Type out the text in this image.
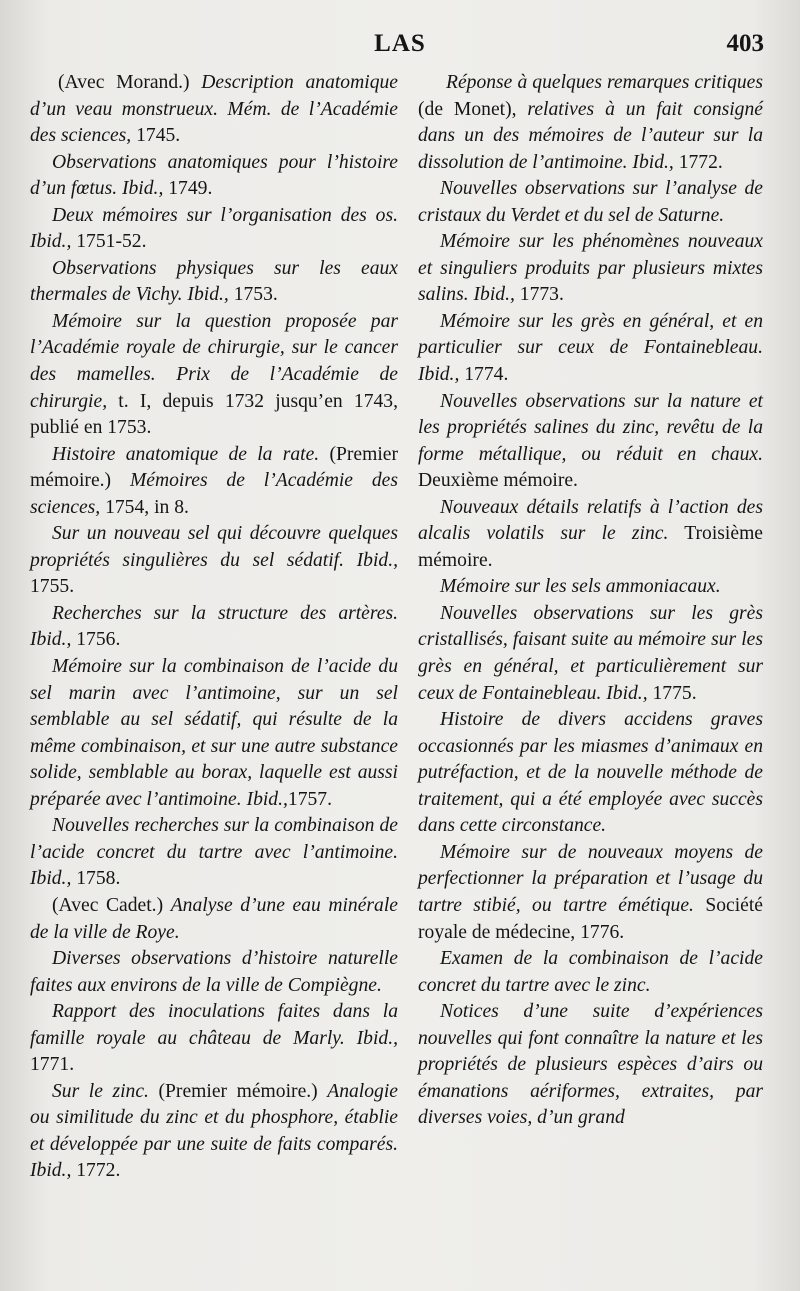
LAS	403

(Avec Morand.) Description anatomique d’un veau monstrueux. Mém. de l’Académie des sciences, 1745.

Observations anatomiques pour l’histoire d’un fœtus. Ibid., 1749.

Deux mémoires sur l’organisation des os. Ibid., 1751-52.

Observations physiques sur les eaux thermales de Vichy. Ibid., 1753.

Mémoire sur la question proposée par l’Académie royale de chirurgie, sur le cancer des mamelles. Prix de l’Académie de chirurgie, t. I, depuis 1732 jusqu’en 1743, publié en 1753.

Histoire anatomique de la rate. (Premier mémoire.) Mémoires de l’Académie des sciences, 1754, in 8.

Sur un nouveau sel qui découvre quelques propriétés singulières du sel sédatif. Ibid., 1755.

Recherches sur la structure des artères. Ibid., 1756.

Mémoire sur la combinaison de l’acide du sel marin avec l’antimoine, sur un sel semblable au sel sédatif, qui résulte de la même combinaison, et sur une autre substance solide, semblable au borax, laquelle est aussi préparée avec l’antimoine. Ibid.,1757.

Nouvelles recherches sur la combinaison de l’acide concret du tartre avec l’antimoine. Ibid., 1758.

(Avec Cadet.) Analyse d’une eau minérale de la ville de Roye.

Diverses observations d’histoire naturelle faites aux environs de la ville de Compiègne.

Rapport des inoculations faites dans la famille royale au château de Marly. Ibid., 1771.

Sur le zinc. (Premier mémoire.) Analogie ou similitude du zinc et du phosphore, établie et développée par une suite de faits comparés. Ibid., 1772.

Réponse à quelques remarques critiques (de Monet), relatives à un fait consigné dans un des mémoires de l’auteur sur la dissolution de l’antimoine. Ibid., 1772.

Nouvelles observations sur l’analyse de cristaux du Verdet et du sel de Saturne.

Mémoire sur les phénomènes nouveaux et singuliers produits par plusieurs mixtes salins. Ibid., 1773.

Mémoire sur les grès en général, et en particulier sur ceux de Fontainebleau. Ibid., 1774.

Nouvelles observations sur la nature et les propriétés salines du zinc, revêtu de la forme métallique, ou réduit en chaux. Deuxième mémoire.

Nouveaux détails relatifs à l’action des alcalis volatils sur le zinc. Troisième mémoire.

Mémoire sur les sels ammoniacaux.

Nouvelles observations sur les grès cristallisés, faisant suite au mémoire sur les grès en général, et particulièrement sur ceux de Fontainebleau. Ibid., 1775.

Histoire de divers accidens graves occasionnés par les miasmes d’animaux en putréfaction, et de la nouvelle méthode de traitement, qui a été employée avec succès dans cette circonstance.

Mémoire sur de nouveaux moyens de perfectionner la préparation et l’usage du tartre stibié, ou tartre émétique. Société royale de médecine, 1776.

Examen de la combinaison de l’acide concret du tartre avec le zinc.

Notices d’une suite d’expériences nouvelles qui font connaître la nature et les propriétés de plusieurs espèces d’airs ou émanations aériformes, extraites, par diverses voies, d’un grand
